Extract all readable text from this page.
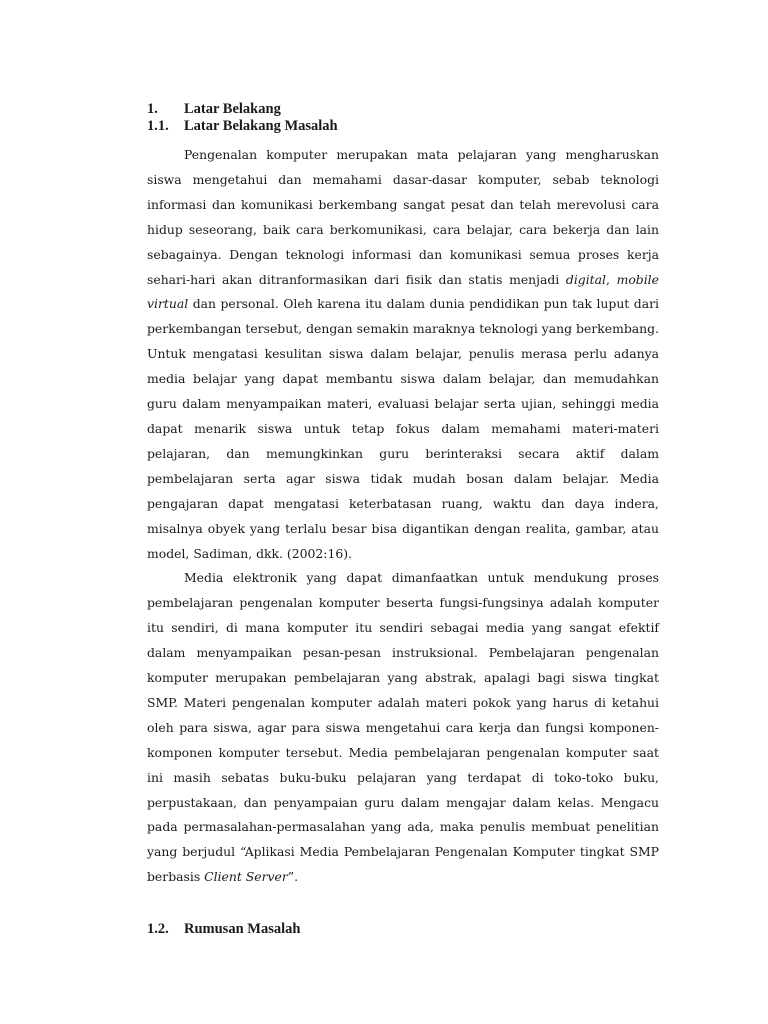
1.	Latar Belakang
1.1.	Latar Belakang Masalah

Pengenalan komputer merupakan mata pelajaran yang mengharuskan siswa mengetahui dan memahami dasar-dasar komputer, sebab teknologi informasi dan komunikasi berkembang sangat pesat dan telah merevolusi cara hidup seseorang, baik cara berkomunikasi, cara belajar, cara bekerja dan lain sebagainya. Dengan teknologi informasi dan komunikasi semua proses kerja sehari-hari akan ditranformasikan dari fisik dan statis menjadi digital, mobile virtual dan personal. Oleh karena itu dalam dunia pendidikan pun tak luput dari perkembangan tersebut, dengan semakin maraknya teknologi yang berkembang. Untuk mengatasi kesulitan siswa dalam belajar, penulis merasa perlu adanya media belajar yang dapat membantu siswa dalam belajar, dan memudahkan guru dalam menyampaikan materi, evaluasi belajar serta ujian, sehinggi media dapat menarik siswa untuk tetap fokus dalam memahami materi-materi pelajaran, dan memungkinkan guru berinteraksi secara aktif dalam pembelajaran serta agar siswa tidak mudah bosan dalam belajar. Media pengajaran dapat mengatasi keterbatasan ruang, waktu dan daya indera, misalnya obyek yang terlalu besar bisa digantikan dengan realita, gambar, atau model, Sadiman, dkk. (2002:16).

Media elektronik yang dapat dimanfaatkan untuk mendukung proses pembelajaran pengenalan komputer beserta fungsi-fungsinya adalah komputer itu sendiri, di mana komputer itu sendiri sebagai media yang sangat efektif dalam menyampaikan pesan-pesan instruksional. Pembelajaran pengenalan komputer merupakan pembelajaran yang abstrak, apalagi bagi siswa tingkat SMP. Materi pengenalan komputer adalah materi pokok yang harus di ketahui oleh para siswa, agar para siswa mengetahui cara kerja dan fungsi komponen-komponen komputer tersebut. Media pembelajaran pengenalan komputer saat ini masih sebatas buku-buku pelajaran yang terdapat di toko-toko buku, perpustakaan, dan penyampaian guru dalam mengajar dalam kelas. Mengacu pada permasalahan-permasalahan yang ada, maka penulis membuat penelitian yang berjudul “Aplikasi Media Pembelajaran Pengenalan Komputer tingkat SMP berbasis Client Server”.

1.2.	Rumusan Masalah
